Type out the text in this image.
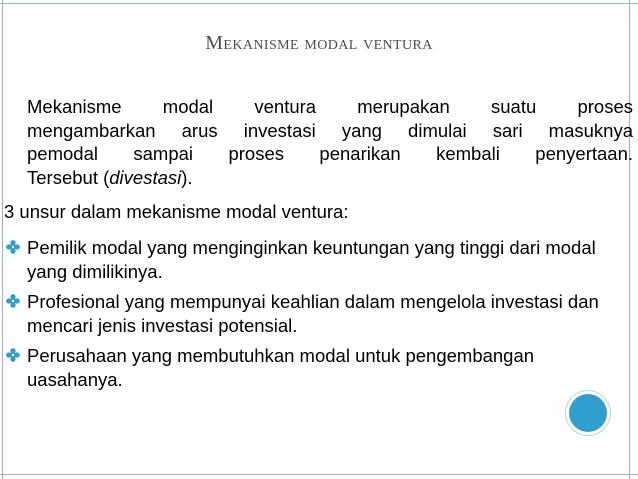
Mekanisme modal ventura
Mekanisme modal ventura merupakan suatu proses
mengambarkan arus investasi yang dimulai sari masuknya
pemodal sampai proses penarikan kembali penyertaan.
Tersebut (divestasi).
3 unsur dalam mekanisme modal ventura:
Pemilik modal yang menginginkan keuntungan yang tinggi dari modal yang dimilikinya.
Profesional yang mempunyai keahlian dalam mengelola investasi dan mencari jenis investasi potensial.
Perusahaan yang membutuhkan modal untuk pengembangan uasahanya.
